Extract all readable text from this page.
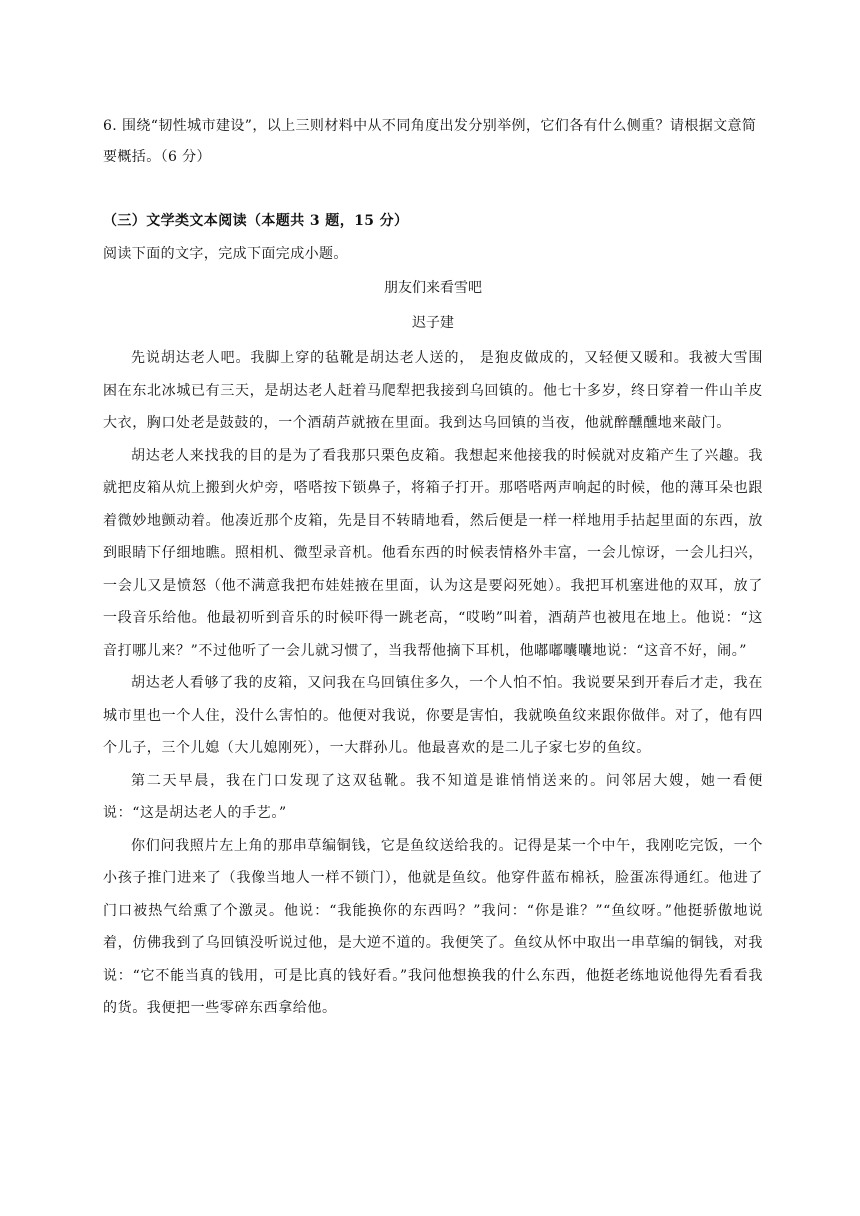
6. 围绕“韧性城市建设”，以上三则材料中从不同角度出发分别举例，它们各有什么侧重？请根据文意简要概括。（6 分）

（三）文学类文本阅读（本题共 3 题，15 分）

阅读下面的文字，完成下面完成小题。

朋友们来看雪吧

迟子建

先说胡达老人吧。我脚上穿的毡靴是胡达老人送的， 是狍皮做成的，又轻便又暖和。我被大雪围困在东北冰城已有三天，是胡达老人赶着马爬犁把我接到乌回镇的。他七十多岁，终日穿着一件山羊皮大衣，胸口处老是鼓鼓的，一个酒葫芦就掖在里面。我到达乌回镇的当夜，他就醉醺醺地来敲门。

胡达老人来找我的目的是为了看我那只栗色皮箱。我想起来他接我的时候就对皮箱产生了兴趣。我就把皮箱从炕上搬到火炉旁，嗒嗒按下锁鼻子，将箱子打开。那嗒嗒两声响起的时候，他的薄耳朵也跟着微妙地颤动着。他凑近那个皮箱，先是目不转睛地看，然后便是一样一样地用手拈起里面的东西，放到眼睛下仔细地瞧。照相机、微型录音机。他看东西的时候表情格外丰富，一会儿惊讶，一会儿扫兴，一会儿又是愤怒（他不满意我把布娃娃掖在里面，认为这是要闷死她）。我把耳机塞进他的双耳，放了一段音乐给他。他最初听到音乐的时候吓得一跳老高，“哎哟”叫着，酒葫芦也被甩在地上。他说：“这音打哪儿来？”不过他听了一会儿就习惯了，当我帮他摘下耳机，他嘟嘟囔囔地说：“这音不好，闹。”

胡达老人看够了我的皮箱，又问我在乌回镇住多久，一个人怕不怕。我说要呆到开春后才走，我在城市里也一个人住，没什么害怕的。他便对我说，你要是害怕，我就唤鱼纹来跟你做伴。对了，他有四个儿子，三个儿媳（大儿媳刚死），一大群孙儿。他最喜欢的是二儿子家七岁的鱼纹。

第二天早晨，我在门口发现了这双毡靴。我不知道是谁悄悄送来的。问邻居大嫂，她一看便说：“这是胡达老人的手艺。”

你们问我照片左上角的那串草编铜钱，它是鱼纹送给我的。记得是某一个中午，我刚吃完饭，一个小孩子推门进来了（我像当地人一样不锁门），他就是鱼纹。他穿件蓝布棉袄，脸蛋冻得通红。他进了门口被热气给熏了个激灵。他说：“我能换你的东西吗？”我问：“你是谁？”“鱼纹呀。”他挺骄傲地说着，仿佛我到了乌回镇没听说过他，是大逆不道的。我便笑了。鱼纹从怀中取出一串草编的铜钱，对我说：“它不能当真的钱用，可是比真的钱好看。”我问他想换我的什么东西，他挺老练地说他得先看看我的货。我便把一些零碎东西拿给他。
